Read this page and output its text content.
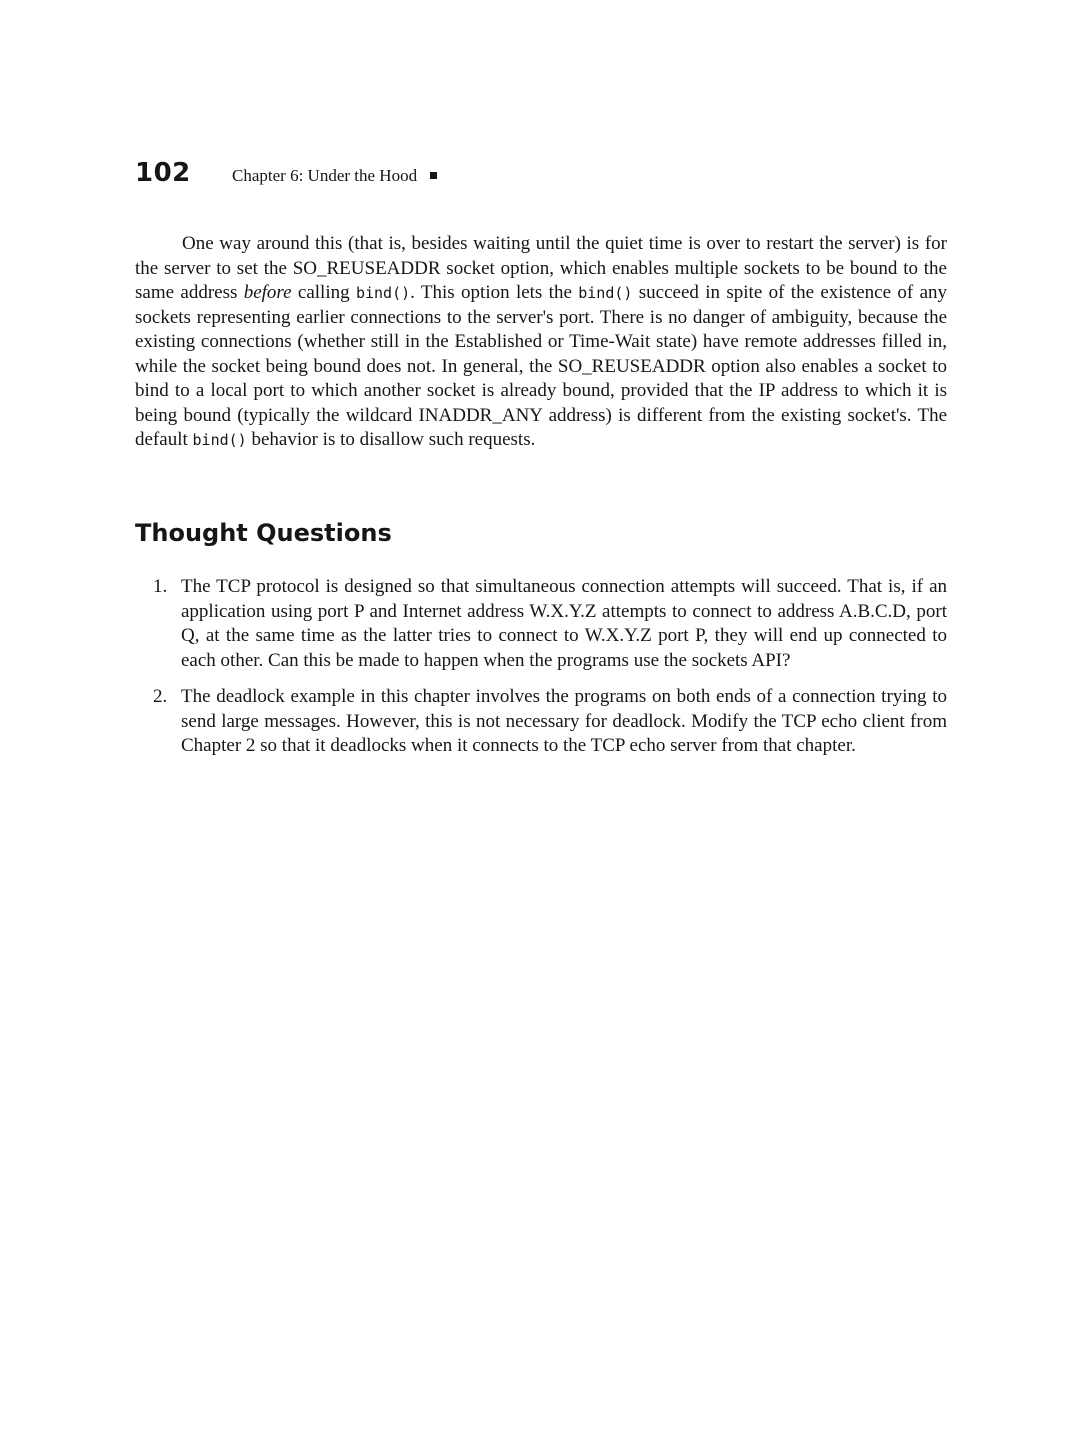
102 Chapter 6: Under the Hood

One way around this (that is, besides waiting until the quiet time is over to restart the server) is for the server to set the SO_REUSEADDR socket option, which enables multiple sockets to be bound to the same address before calling bind(). This option lets the bind() succeed in spite of the existence of any sockets representing earlier connections to the server's port. There is no danger of ambiguity, because the existing connections (whether still in the Established or Time-Wait state) have remote addresses filled in, while the socket being bound does not. In general, the SO_REUSEADDR option also enables a socket to bind to a local port to which another socket is already bound, provided that the IP address to which it is being bound (typically the wildcard INADDR_ANY address) is different from the existing socket's. The default bind() behavior is to disallow such requests.

Thought Questions
1. The TCP protocol is designed so that simultaneous connection attempts will succeed. That is, if an application using port P and Internet address W.X.Y.Z attempts to connect to address A.B.C.D, port Q, at the same time as the latter tries to connect to W.X.Y.Z port P, they will end up connected to each other. Can this be made to happen when the programs use the sockets API?
2. The deadlock example in this chapter involves the programs on both ends of a connection trying to send large messages. However, this is not necessary for deadlock. Modify the TCP echo client from Chapter 2 so that it deadlocks when it connects to the TCP echo server from that chapter.
